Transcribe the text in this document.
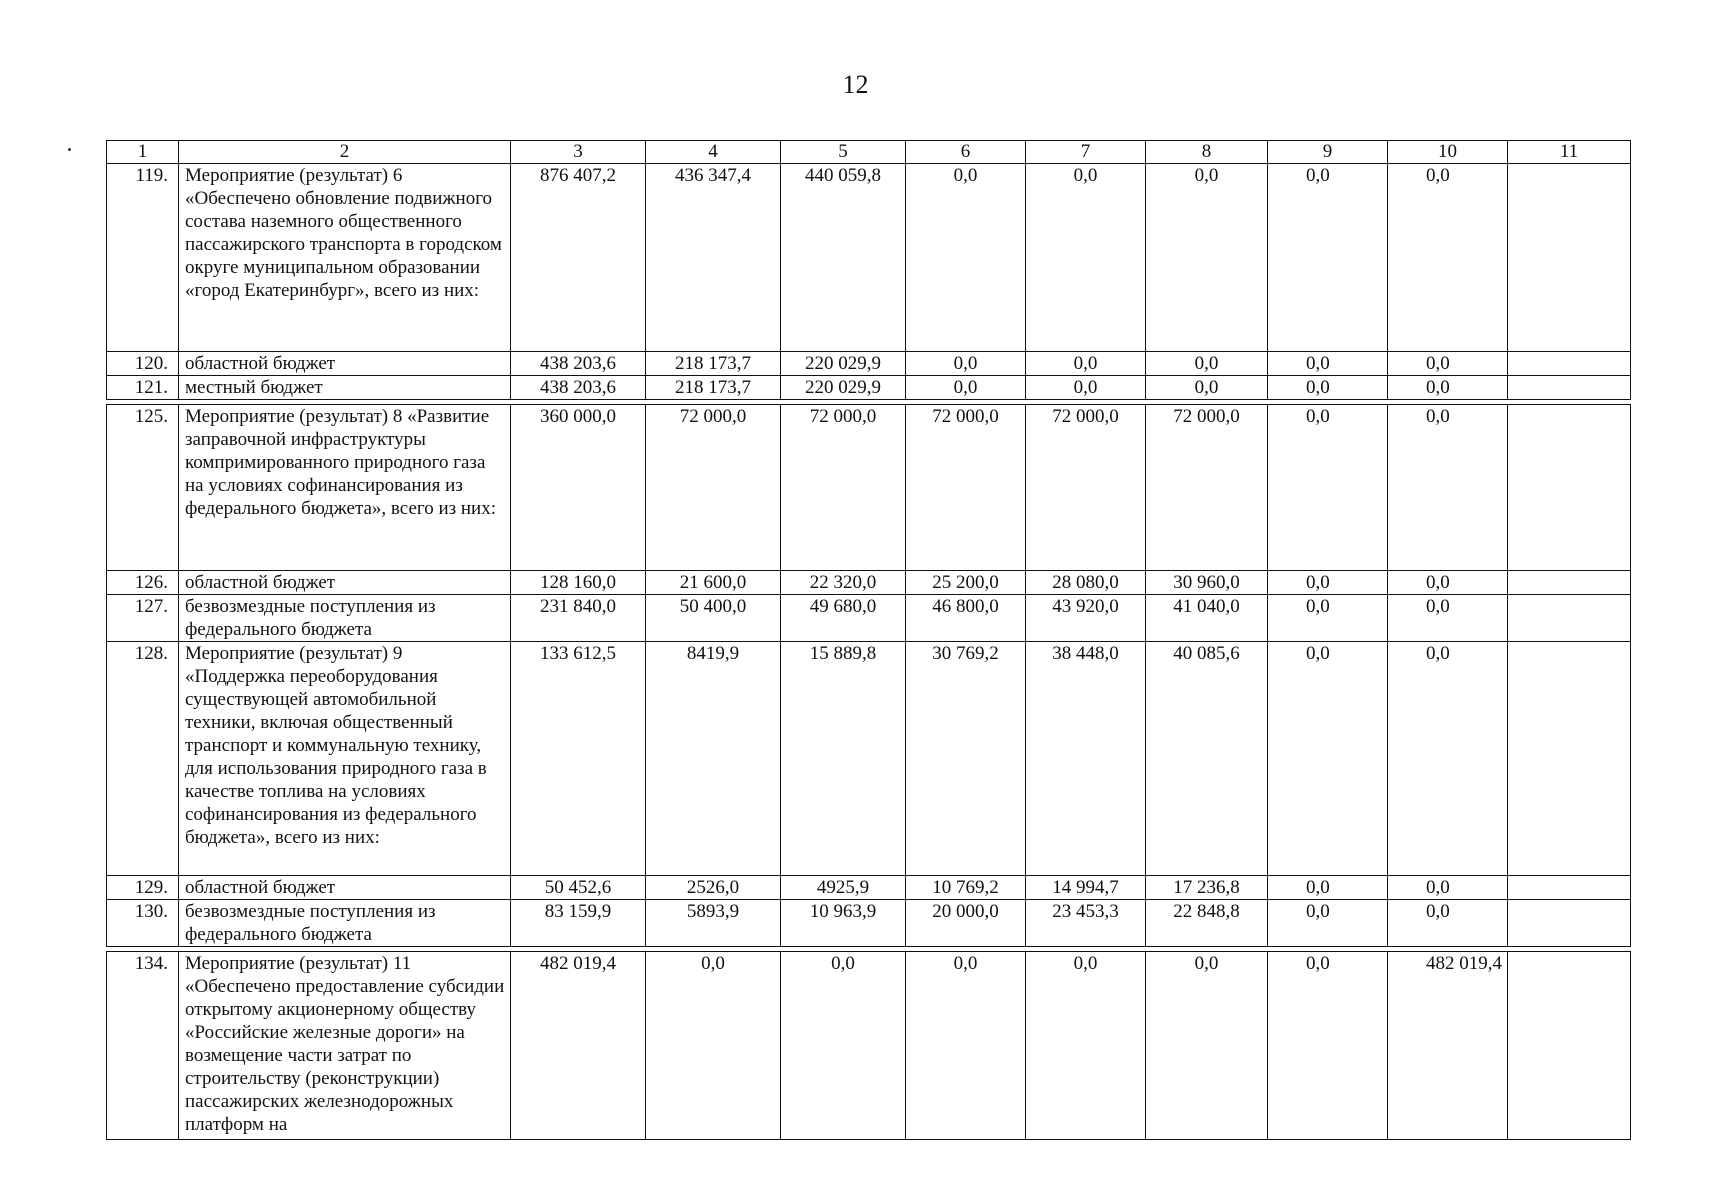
12
1	2	3	4	5	6	7	8	9	10	11
119.	Мероприятие (результат) 6 «Обеспечено обновление подвижного состава наземного общественного пассажирского транспорта в городском округе муниципальном образовании «город Екатеринбург», всего из них:	876 407,2	436 347,4	440 059,8	0,0	0,0	0,0	0,0	0,0	
120.	областной бюджет	438 203,6	218 173,7	220 029,9	0,0	0,0	0,0	0,0	0,0	
121.	местный бюджет	438 203,6	218 173,7	220 029,9	0,0	0,0	0,0	0,0	0,0	

125.	Мероприятие (результат) 8 «Развитие заправочной инфраструктуры компримированного природного газа на условиях софинансирования из федерального бюджета», всего из них:	360 000,0	72 000,0	72 000,0	72 000,0	72 000,0	72 000,0	0,0	0,0	
126.	областной бюджет	128 160,0	21 600,0	22 320,0	25 200,0	28 080,0	30 960,0	0,0	0,0	
127.	безвозмездные поступления из федерального бюджета	231 840,0	50 400,0	49 680,0	46 800,0	43 920,0	41 040,0	0,0	0,0	
128.	Мероприятие (результат) 9 «Поддержка переоборудования существующей автомобильной техники, включая общественный транспорт и коммунальную технику, для использования природного газа в качестве топлива на условиях софинансирования из федерального бюджета», всего из них:	133 612,5	8419,9	15 889,8	30 769,2	38 448,0	40 085,6	0,0	0,0	
129.	областной бюджет	50 452,6	2526,0	4925,9	10 769,2	14 994,7	17 236,8	0,0	0,0	
130.	безвозмездные поступления из федерального бюджета	83 159,9	5893,9	10 963,9	20 000,0	23 453,3	22 848,8	0,0	0,0	

134.	Мероприятие (результат) 11 «Обеспечено предоставление субсидии открытому акционерному обществу «Российские железные дороги» на возмещение части затрат по строительству (реконструкции) пассажирских железнодорожных платформ на	482 019,4	0,0	0,0	0,0	0,0	0,0	0,0	482 019,4	
